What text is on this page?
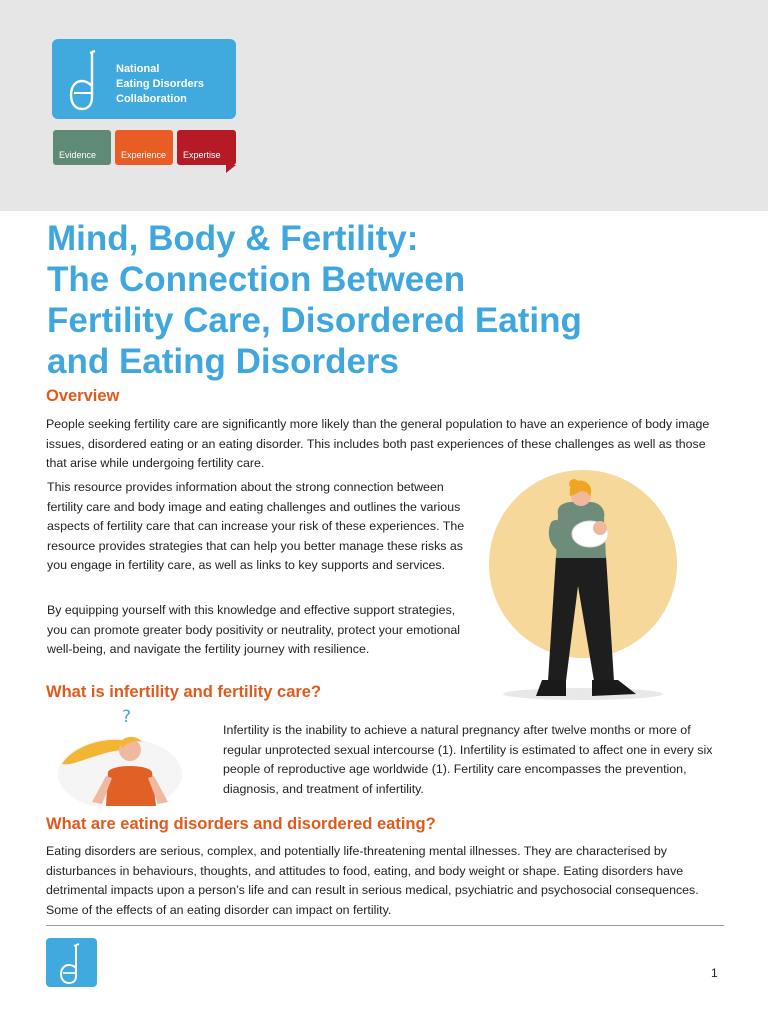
National
Eating Disorders
Collaboration
Evidence	Experience	Expertise
Mind, Body & Fertility:
The Connection Between
Fertility Care, Disordered Eating
and Eating Disorders
Overview

People seeking fertility care are significantly more likely than the general population to have an experience of body image issues, disordered eating or an eating disorder. This includes both past experiences of these challenges as well as those that arise while undergoing fertility care.

This resource provides information about the strong connection between fertility care and body image and eating challenges and outlines the various aspects of fertility care that can increase your risk of these experiences. The resource provides strategies that can help you better manage these risks as you engage in fertility care, as well as links to key supports and services.

By equipping yourself with this knowledge and effective support strategies, you can promote greater body positivity or neutrality, protect your emotional well-being, and navigate the fertility journey with resilience.

What is infertility and fertility care?
?

Infertility is the inability to achieve a natural pregnancy after twelve months or more of regular unprotected sexual intercourse (1). Infertility is estimated to affect one in every six people of reproductive age worldwide (1). Fertility care encompasses the prevention, diagnosis, and treatment of infertility.

What are eating disorders and disordered eating?

Eating disorders are serious, complex, and potentially life-threatening mental illnesses. They are characterised by disturbances in behaviours, thoughts, and attitudes to food, eating, and body weight or shape. Eating disorders have detrimental impacts upon a person’s life and can result in serious medical, psychiatric and psychosocial consequences. Some of the effects of an eating disorder can impact on fertility.

1
